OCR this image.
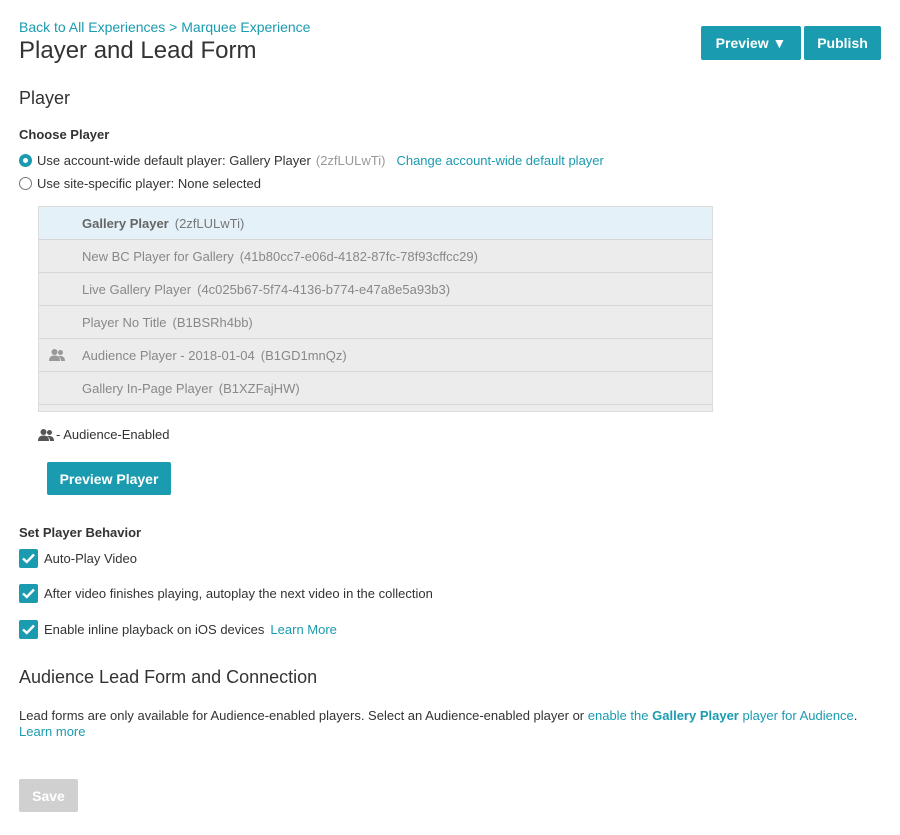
Back to All Experiences > Marquee Experience
Player and Lead Form	Preview ▼	Publish
Player
Choose Player
Use account-wide default player: Gallery Player (2zfLULwTi) Change account-wide default player
Use site-specific player: None selected
Gallery Player (2zfLULwTi)
New BC Player for Gallery (41b80cc7-e06d-4182-87fc-78f93cffcc29)
Live Gallery Player (4c025b67-5f74-4136-b774-e47a8e5a93b3)
Player No Title (B1BSRh4bb)
Audience Player - 2018-01-04 (B1GD1mnQz)
Gallery In-Page Player (B1XZFajHW)
- Audience-Enabled
Preview Player
Set Player Behavior
Auto-Play Video
After video finishes playing, autoplay the next video in the collection
Enable inline playback on iOS devices Learn More
Audience Lead Form and Connection
Lead forms are only available for Audience-enabled players. Select an Audience-enabled player or enable the Gallery Player player for Audience. Learn more
Save
